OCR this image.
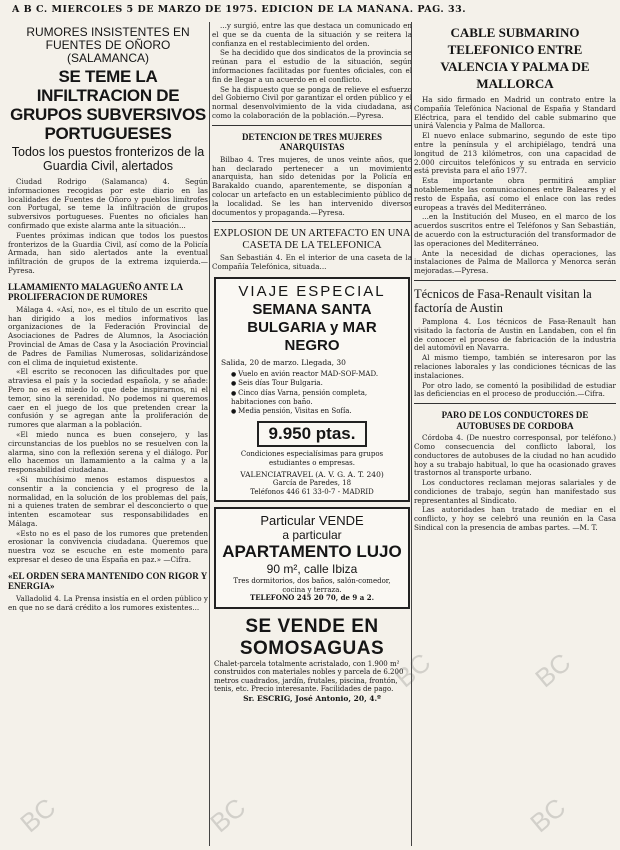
A B C. MIERCOLES 5 DE MARZO DE 1975. EDICION DE LA MAÑANA. PAG. 33.
RUMORES INSISTENTES EN FUENTES DE OÑORO (SALAMANCA)
SE TEME LA INFILTRACION DE GRUPOS SUBVERSIVOS PORTUGUESES
Todos los puestos fronterizos de la Guardia Civil, alertados

Ciudad Rodrigo (Salamanca) 4. Según informaciones recogidas por este diario en las localidades de Fuentes de Oñoro y pueblos limítrofes con Portugal, se teme la infiltración de grupos subversivos portugueses. Fuentes no oficiales han confirmado que existe alarma ante la situación...

Fuentes próximas indican que todos los puestos fronterizos de la Guardia Civil, así como de la Policía Armada, han sido alertados ante la eventual infiltración de grupos de la extrema izquierda.—Pyresa.

LLAMAMIENTO MALAGUEÑO ANTE LA PROLIFERACION DE RUMORES

Málaga 4. «Así, no», es el título de un escrito que han dirigido a los medios informativos las organizaciones de la Federación Provincial de Asociaciones de Padres de Alumnos, la Asociación Provincial de Amas de Casa y la Asociación Provincial de Padres de Familias Numerosas, solidarizándose con el clima de inquietud existente.

«El escrito se reconocen las dificultades por que atraviesa el país y la sociedad española, y se añade: Pero no es el miedo lo que debe inspirarnos, ni el temor, sino la serenidad. No podemos ni queremos caer en el juego de los que pretenden crear la confusión y se agregan ante la proliferación de rumores que alarman a la población.

«El miedo nunca es buen consejero, y las circunstancias de los pueblos no se resuelven con la alarma, sino con la reflexión serena y el diálogo. Por ello hacemos un llamamiento a la calma y a la responsabilidad ciudadana.

«Si muchísimo menos estamos dispuestos a consentir a la conciencia y el progreso de la normalidad, en la solución de los problemas del país, ni a quienes traten de sembrar el desconcierto o que intenten escamotear sus responsabilidades en Málaga.

«Esto no es el paso de los rumores que pretenden erosionar la convivencia ciudadana. Queremos que nuestra voz se escuche en este momento para expresar el deseo de una España en paz.» —Cifra.

«EL ORDEN SERA MANTENIDO CON RIGOR Y ENERGIA»

Valladolid 4. La Prensa insistía en el orden público y en que no se dará crédito a los rumores existentes...

...y surgió, entre las que destaca un comunicado en el que se da cuenta de la situación y se reitera la confianza en el restablecimiento del orden.

Se ha decidido que dos sindicatos de la provincia se reúnan para el estudio de la situación, según informaciones facilitadas por fuentes oficiales, con el fin de llegar a un acuerdo en el conflicto.

Se ha dispuesto que se ponga de relieve el esfuerzo del Gobierno Civil por garantizar el orden público y el normal desenvolvimiento de la vida ciudadana, así como la colaboración de la población.—Pyresa.

DETENCION DE TRES MUJERES ANARQUISTAS

Bilbao 4. Tres mujeres, de unos veinte años, que han declarado pertenecer a un movimiento anarquista, han sido detenidas por la Policía en Barakaldo cuando, aparentemente, se disponían a colocar un artefacto en un establecimiento público de la localidad. Se les han intervenido diversos documentos y propaganda.—Pyresa.

EXPLOSION DE UN ARTEFACTO EN UNA CASETA DE LA TELEFONICA

San Sebastián 4. En el interior de una caseta de la Compañía Telefónica, situada...

VIAJE ESPECIAL
SEMANA SANTA
BULGARIA y MAR NEGRO
Salida, 20 de marzo. Llegada, 30
● Vuelo en avión reactor MAD-SOF-MAD.
● Seis días Tour Bulgaria.
● Cinco días Varna, pensión completa, habitaciones con baño.
● Media pensión, Visitas en Sofía.
9.950 ptas.
Condiciones especialísimas para grupos estudiantes o empresas.
VALENCIATRAVEL (A. V. G. A. T. 240)
García de Paredes, 18
Teléfonos 446 61 33-0-7 - MADRID
Particular VENDE
a particular
APARTAMENTO LUJO
90 m², calle Ibiza
Tres dormitorios, dos baños, salón-comedor, cocina y terraza.
TELEFONO 245 20 70, de 9 a 2.
SE VENDE EN
SOMOSAGUAS
Chalet-parcela totalmente acristalado, con 1.900 m² construidos con materiales nobles y parcela de 6.200 metros cuadrados, jardín, frutales, piscina, frontón, tenis, etc. Precio interesante. Facilidades de pago.
Sr. ESCRIG, José Antonio, 20, 4.º
CABLE SUBMARINO TELEFONICO ENTRE VALENCIA Y PALMA DE MALLORCA

Ha sido firmado en Madrid un contrato entre la Compañía Telefónica Nacional de España y Standard Eléctrica, para el tendido del cable submarino que unirá Valencia y Palma de Mallorca.

El nuevo enlace submarino, segundo de este tipo entre la península y el archipiélago, tendrá una longitud de 213 kilómetros, con una capacidad de 2.000 circuitos telefónicos y su entrada en servicio está prevista para el año 1977.

Esta importante obra permitirá ampliar notablemente las comunicaciones entre Baleares y el resto de España, así como el enlace con las redes europeas a través del Mediterráneo.

...en la Institución del Museo, en el marco de los acuerdos suscritos entre el Teléfonos y San Sebastián, de acuerdo con la estructuración del transformador de las operaciones del Mediterráneo.

Ante la necesidad de dichas operaciones, las instalaciones de Palma de Mallorca y Menorca serán mejoradas.—Pyresa.

Técnicos de Fasa-Renault visitan la factoría de Austin

Pamplona 4. Los técnicos de Fasa-Renault han visitado la factoría de Austin en Landaben, con el fin de conocer el proceso de fabricación de la industria del automóvil en Navarra.

Al mismo tiempo, también se interesaron por las relaciones laborales y las condiciones técnicas de las instalaciones.

Por otro lado, se comentó la posibilidad de estudiar las deficiencias en el proceso de producción.—Cifra.

PARO DE LOS CONDUCTORES DE AUTOBUSES DE CORDOBA

Córdoba 4. (De nuestro corresponsal, por teléfono.) Como consecuencia del conflicto laboral, los conductores de autobuses de la ciudad no han acudido hoy a su trabajo habitual, lo que ha ocasionado graves trastornos al transporte urbano.

Los conductores reclaman mejoras salariales y de condiciones de trabajo, según han manifestado sus representantes al Sindicato.

Las autoridades han tratado de mediar en el conflicto, y hoy se celebró una reunión en la Casa Sindical con la presencia de ambas partes. —M. T.

BC	BC	BC
BC	BC
